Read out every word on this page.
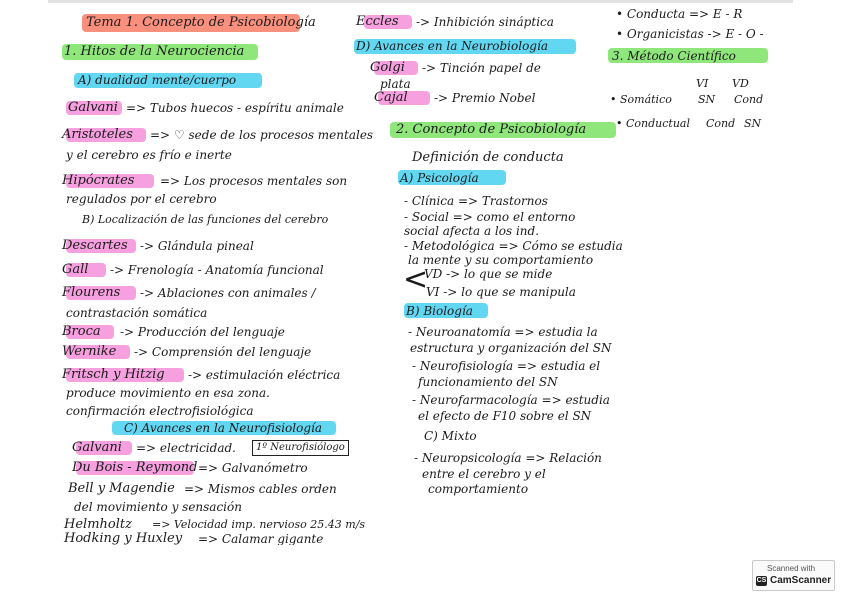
Tema 1. Concepto de Psicobiología
1. Hitos de la Neurociencia
A) dualidad mente/cuerpo
Galvani => Tubos huecos - espíritu animale
Aristoteles => ♡ sede de los procesos mentales
y el cerebro es frío e inerte
Hipócrates => Los procesos mentales son
regulados por el cerebro
B) Localización de las funciones del cerebro
Descartes -> Glándula pineal
Gall -> Frenología - Anatomía funcional
Flourens -> Ablaciones con animales /
contrastación somática
Broca -> Producción del lenguaje
Wernike -> Comprensión del lenguaje
Fritsch y Hitzig -> estimulación eléctrica
produce movimiento en esa zona.
confirmación electrofisiológica
C) Avances en la Neurofisiología
Galvani => electricidad.	1º Neurofisiólogo
Du Bois - Reymond => Galvanómetro
Bell y Magendie => Mismos cables orden
del movimiento y sensación
Helmholtz => Velocidad imp. nervioso 25.43 m/s
Hodking y Huxley => Calamar gigante
Eccles -> Inhibición sináptica
D) Avances en la Neurobiología
Golgi -> Tinción papel de
plata
Cajal -> Premio Nobel
2. Concepto de Psicobiología
Definición de conducta
A) Psicología
- Clínica => Trastornos
- Social => como el entorno
social afecta a los ind.
- Metodológica => Cómo se estudia
la mente y su comportamiento
<
VD -> lo que se mide
VI -> lo que se manipula
B) Biología
- Neuroanatomía => estudia la
estructura y organización del SN
- Neurofisiología => estudia el
funcionamiento del SN
- Neurofarmacología => estudia
el efecto de F10 sobre el SN
C) Mixto
- Neuropsicología => Relación
entre el cerebro y el
comportamiento
• Conducta => E - R
• Organicistas -> E - O -
3. Método Científico
VI VD
• Somático SN Cond
• Conductual Cond SN
Scanned with
CS CamScanner
